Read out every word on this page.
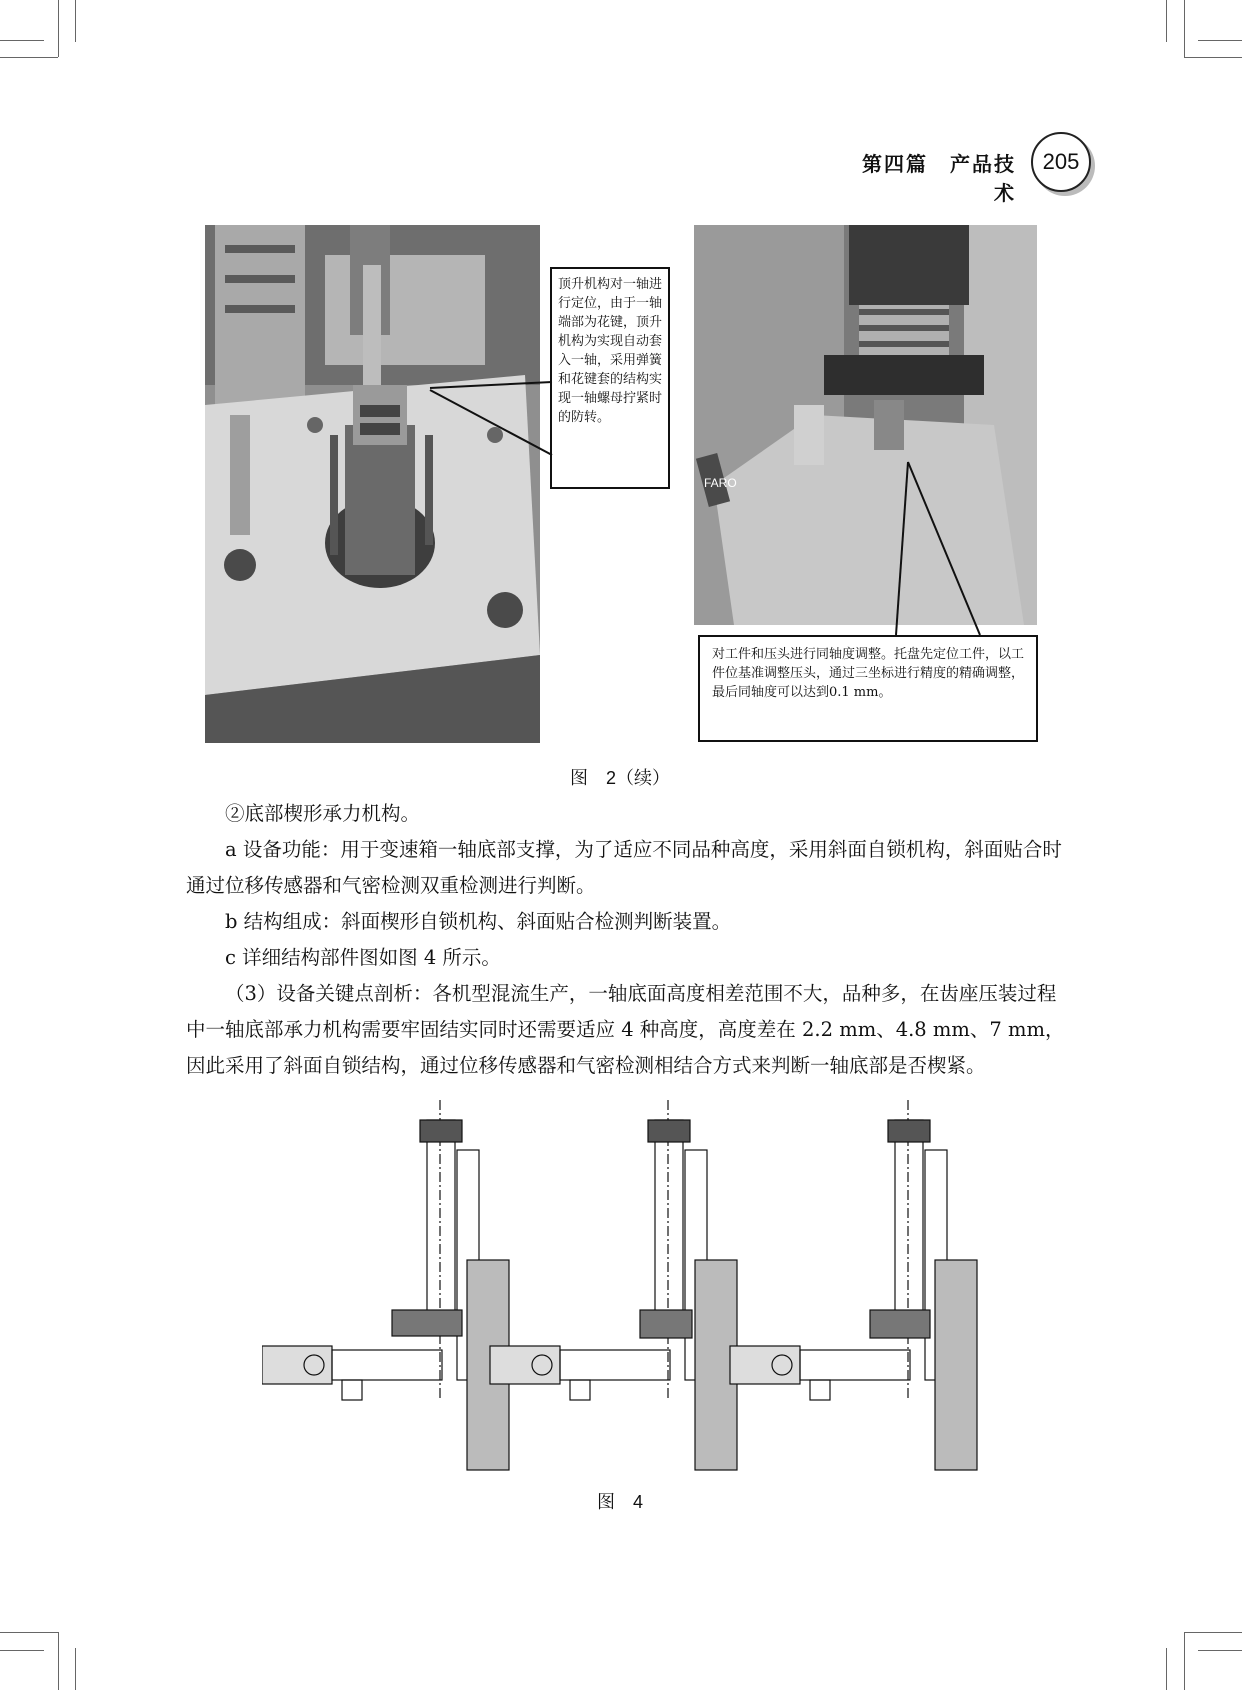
第四篇　产品技术
205
顶升机构对一轴进行定位，由于一轴端部为花键，顶升机构为实现自动套入一轴，采用弹簧和花键套的结构实现一轴螺母拧紧时的防转。
FARO
对工件和压头进行同轴度调整。托盘先定位工件，以工件位基准调整压头，通过三坐标进行精度的精确调整，最后同轴度可以达到0.1 mm。
图　2（续）

②底部楔形承力机构。

a 设备功能：用于变速箱一轴底部支撑，为了适应不同品种高度，采用斜面自锁机构，斜面贴合时通过位移传感器和气密检测双重检测进行判断。

b 结构组成：斜面楔形自锁机构、斜面贴合检测判断装置。

c 详细结构部件图如图 4 所示。

（3）设备关键点剖析：各机型混流生产，一轴底面高度相差范围不大，品种多，在齿座压装过程中一轴底部承力机构需要牢固结实同时还需要适应 4 种高度，高度差在 2.2 mm、4.8 mm、7 mm，因此采用了斜面自锁结构，通过位移传感器和气密检测相结合方式来判断一轴底部是否楔紧。

图　4
